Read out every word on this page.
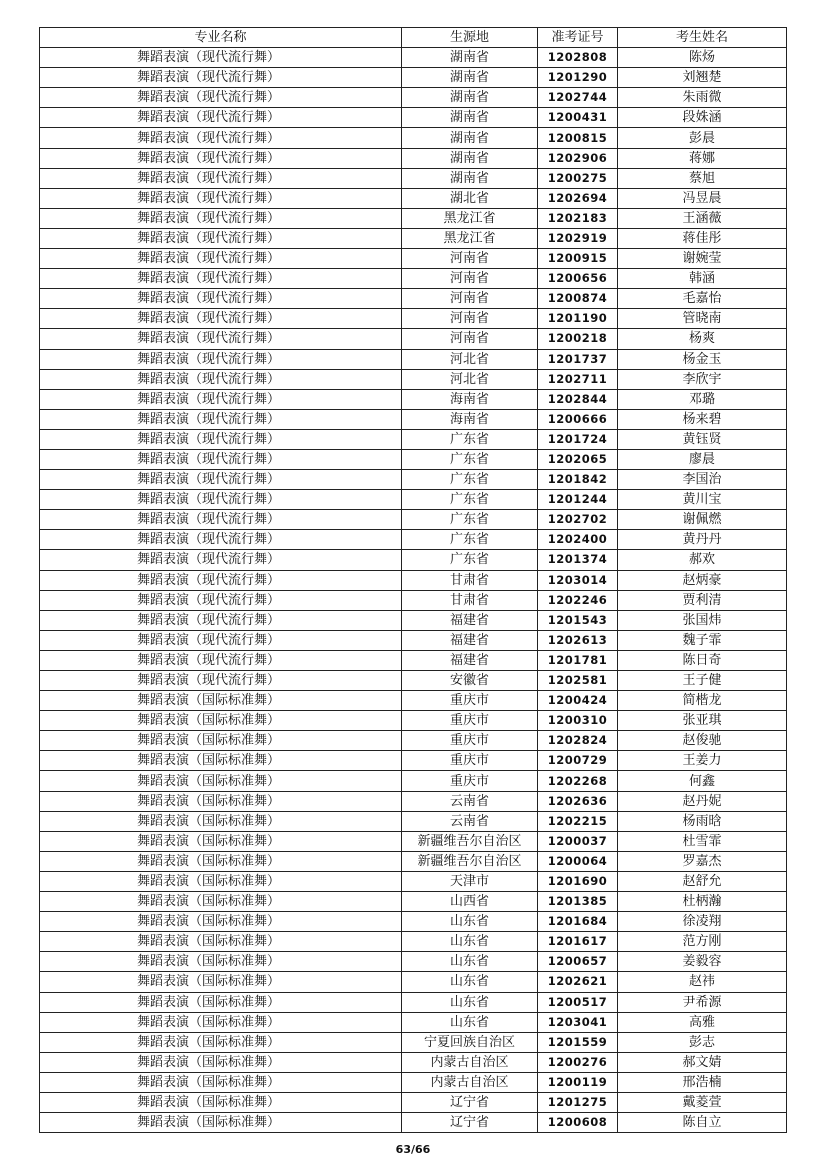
专业名称	生源地	准考证号	考生姓名
舞蹈表演（现代流行舞）	湖南省	1202808	陈炀
舞蹈表演（现代流行舞）	湖南省	1201290	刘翘楚
舞蹈表演（现代流行舞）	湖南省	1202744	朱雨微
舞蹈表演（现代流行舞）	湖南省	1200431	段姝涵
舞蹈表演（现代流行舞）	湖南省	1200815	彭晨
舞蹈表演（现代流行舞）	湖南省	1202906	蒋娜
舞蹈表演（现代流行舞）	湖南省	1200275	蔡旭
舞蹈表演（现代流行舞）	湖北省	1202694	冯昱晨
舞蹈表演（现代流行舞）	黑龙江省	1202183	王涵薇
舞蹈表演（现代流行舞）	黑龙江省	1202919	蒋佳彤
舞蹈表演（现代流行舞）	河南省	1200915	谢婉莹
舞蹈表演（现代流行舞）	河南省	1200656	韩涵
舞蹈表演（现代流行舞）	河南省	1200874	毛嘉怡
舞蹈表演（现代流行舞）	河南省	1201190	管晓南
舞蹈表演（现代流行舞）	河南省	1200218	杨爽
舞蹈表演（现代流行舞）	河北省	1201737	杨金玉
舞蹈表演（现代流行舞）	河北省	1202711	李欣宇
舞蹈表演（现代流行舞）	海南省	1202844	邓璐
舞蹈表演（现代流行舞）	海南省	1200666	杨来碧
舞蹈表演（现代流行舞）	广东省	1201724	黄钰贤
舞蹈表演（现代流行舞）	广东省	1202065	廖晨
舞蹈表演（现代流行舞）	广东省	1201842	李国治
舞蹈表演（现代流行舞）	广东省	1201244	黄川宝
舞蹈表演（现代流行舞）	广东省	1202702	谢佩燃
舞蹈表演（现代流行舞）	广东省	1202400	黄丹丹
舞蹈表演（现代流行舞）	广东省	1201374	郝欢
舞蹈表演（现代流行舞）	甘肃省	1203014	赵炳豪
舞蹈表演（现代流行舞）	甘肃省	1202246	贾利清
舞蹈表演（现代流行舞）	福建省	1201543	张国炜
舞蹈表演（现代流行舞）	福建省	1202613	魏子霏
舞蹈表演（现代流行舞）	福建省	1201781	陈日奇
舞蹈表演（现代流行舞）	安徽省	1202581	王子健
舞蹈表演（国际标准舞）	重庆市	1200424	简楷龙
舞蹈表演（国际标准舞）	重庆市	1200310	张亚琪
舞蹈表演（国际标准舞）	重庆市	1202824	赵俊驰
舞蹈表演（国际标准舞）	重庆市	1200729	王姜力
舞蹈表演（国际标准舞）	重庆市	1202268	何鑫
舞蹈表演（国际标准舞）	云南省	1202636	赵丹妮
舞蹈表演（国际标准舞）	云南省	1202215	杨雨晗
舞蹈表演（国际标准舞）	新疆维吾尔自治区	1200037	杜雪霏
舞蹈表演（国际标准舞）	新疆维吾尔自治区	1200064	罗嘉杰
舞蹈表演（国际标准舞）	天津市	1201690	赵舒允
舞蹈表演（国际标准舞）	山西省	1201385	杜柄瀚
舞蹈表演（国际标准舞）	山东省	1201684	徐凌翔
舞蹈表演（国际标准舞）	山东省	1201617	范方刚
舞蹈表演（国际标准舞）	山东省	1200657	姜毅容
舞蹈表演（国际标准舞）	山东省	1202621	赵祎
舞蹈表演（国际标准舞）	山东省	1200517	尹希源
舞蹈表演（国际标准舞）	山东省	1203041	高雅
舞蹈表演（国际标准舞）	宁夏回族自治区	1201559	彭志
舞蹈表演（国际标准舞）	内蒙古自治区	1200276	郝文婧
舞蹈表演（国际标准舞）	内蒙古自治区	1200119	邢浩楠
舞蹈表演（国际标准舞）	辽宁省	1201275	戴菱萱
舞蹈表演（国际标准舞）	辽宁省	1200608	陈自立
63/66
